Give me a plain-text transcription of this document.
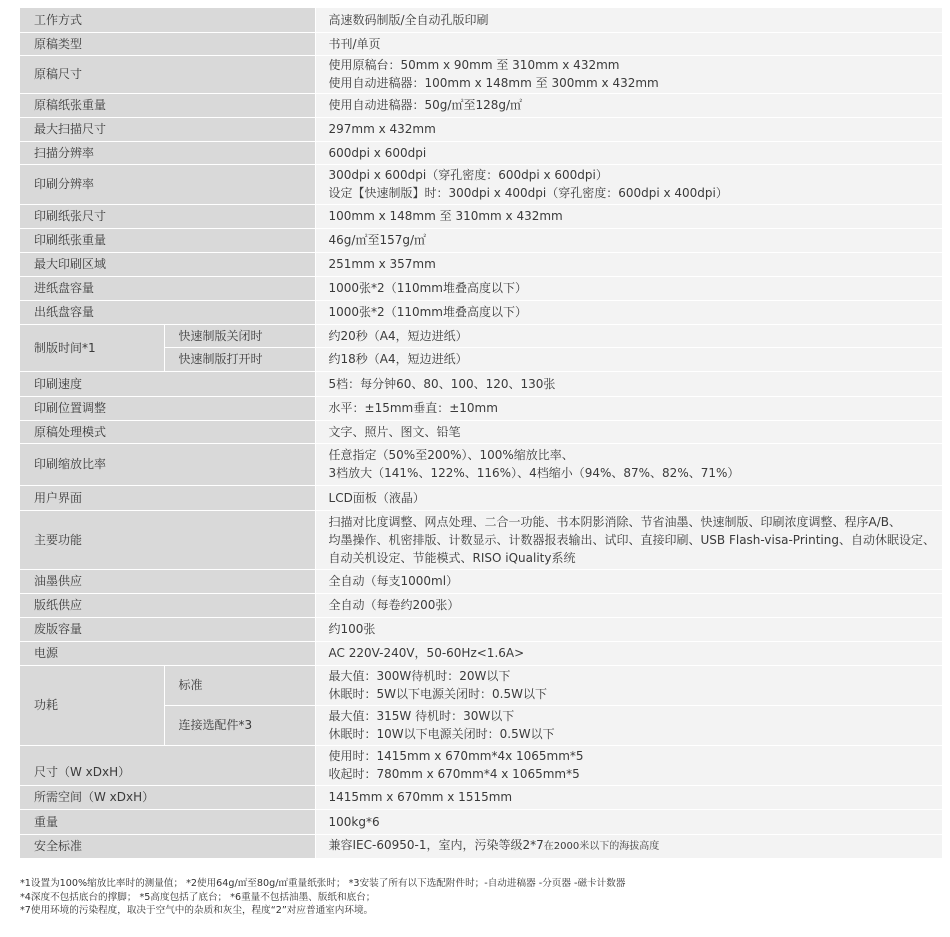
工作方式		高速数码制版/全自动孔版印刷
原稿类型		书刊/单页
原稿尺寸		使用原稿台：50mm x 90mm 至 310mm x 432mm
使用自动进稿器：100mm x 148mm 至 300mm x 432mm

原稿纸张重量		使用自动进稿器：50g/㎡至128g/㎡
最大扫描尺寸		297mm x 432mm
扫描分辨率		600dpi x 600dpi
印刷分辨率		300dpi x 600dpi（穿孔密度：600dpi x 600dpi）
设定【快速制版】时：300dpi x 400dpi（穿孔密度：600dpi x 400dpi）

印刷纸张尺寸		100mm x 148mm 至 310mm x 432mm
印刷纸张重量		46g/㎡至157g/㎡
最大印刷区域		251mm x 357mm
进纸盘容量		1000张*2（110mm堆叠高度以下）
出纸盘容量		1000张*2（110mm堆叠高度以下）
制版时间*1	快速制版关闭时	约20秒（A4，短边进纸）
	快速制版打开时	约18秒（A4，短边进纸）
印刷速度		5档：每分钟60、80、100、120、130张
印刷位置调整		水平：±15mm垂直：±10mm
原稿处理模式		文字、照片、图文、铅笔
印刷缩放比率		任意指定（50%至200%）、100%缩放比率、
3档放大（141%、122%、116%）、4档缩小（94%、87%、82%、71%）

用户界面		LCD面板（液晶）
主要功能		扫描对比度调整、网点处理、二合一功能、书本阴影消除、节省油墨、快速制版、印刷浓度调整、程序A/B、
均墨操作、机密排版、计数显示、计数器报表输出、试印、直接印刷、USB Flash-visa-Printing、自动休眠设定、
自动关机设定、节能模式、RISO iQuality系统

油墨供应		全自动（每支1000ml）
版纸供应		全自动（每卷约200张）
废版容量		约100张
电源		AC 220V-240V，50-60Hz<1.6A>
功耗	标准	最大值：300W待机时：20W以下
休眠时：5W以下电源关闭时：0.5W以下

	连接选配件*3	最大值：315W 待机时：30W以下
休眠时：10W以下电源关闭时：0.5W以下

尺寸（W xDxH）		使用时：1415mm x 670mm*4x 1065mm*5
收起时：780mm x 670mm*4 x 1065mm*5

所需空间（W xDxH）		1415mm x 670mm x 1515mm
重量		100kg*6
安全标准		兼容IEC-60950-1，室内，污染等级2*7在2000米以下的海拔高度
*1设置为100%缩放比率时的测量值； *2使用64g/㎡至80g/㎡重量纸张时； *3安装了所有以下选配附件时；-自动进稿器 -分页器 -磁卡计数器
*4深度不包括底台的撑脚； *5高度包括了底台； *6重量不包括油墨、版纸和底台；
*7使用环境的污染程度，取决于空气中的杂质和灰尘，程度“2”对应普通室内环境。
